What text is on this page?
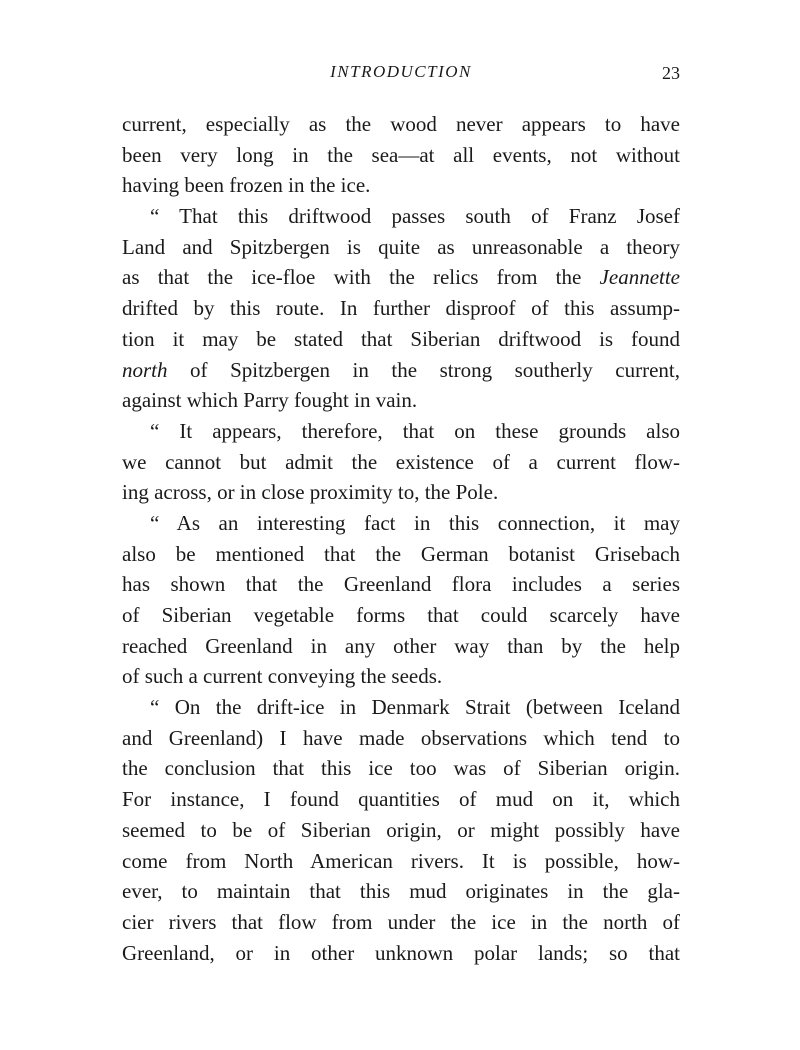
INTRODUCTION	23
current, especially as the wood never appears to have
been very long in the sea—at all events, not without
having been frozen in the ice.
“ That this driftwood passes south of Franz Josef
Land and Spitzbergen is quite as unreasonable a theory
as that the ice-floe with the relics from the Jeannette
drifted by this route. In further disproof of this assump-
tion it may be stated that Siberian driftwood is found
north of Spitzbergen in the strong southerly current,
against which Parry fought in vain.
“ It appears, therefore, that on these grounds also
we cannot but admit the existence of a current flow-
ing across, or in close proximity to, the Pole.
“ As an interesting fact in this connection, it may
also be mentioned that the German botanist Grisebach
has shown that the Greenland flora includes a series
of Siberian vegetable forms that could scarcely have
reached Greenland in any other way than by the help
of such a current conveying the seeds.
“ On the drift-ice in Denmark Strait (between Iceland
and Greenland) I have made observations which tend to
the conclusion that this ice too was of Siberian origin.
For instance, I found quantities of mud on it, which
seemed to be of Siberian origin, or might possibly have
come from North American rivers. It is possible, how-
ever, to maintain that this mud originates in the gla-
cier rivers that flow from under the ice in the north of
Greenland, or in other unknown polar lands; so that
